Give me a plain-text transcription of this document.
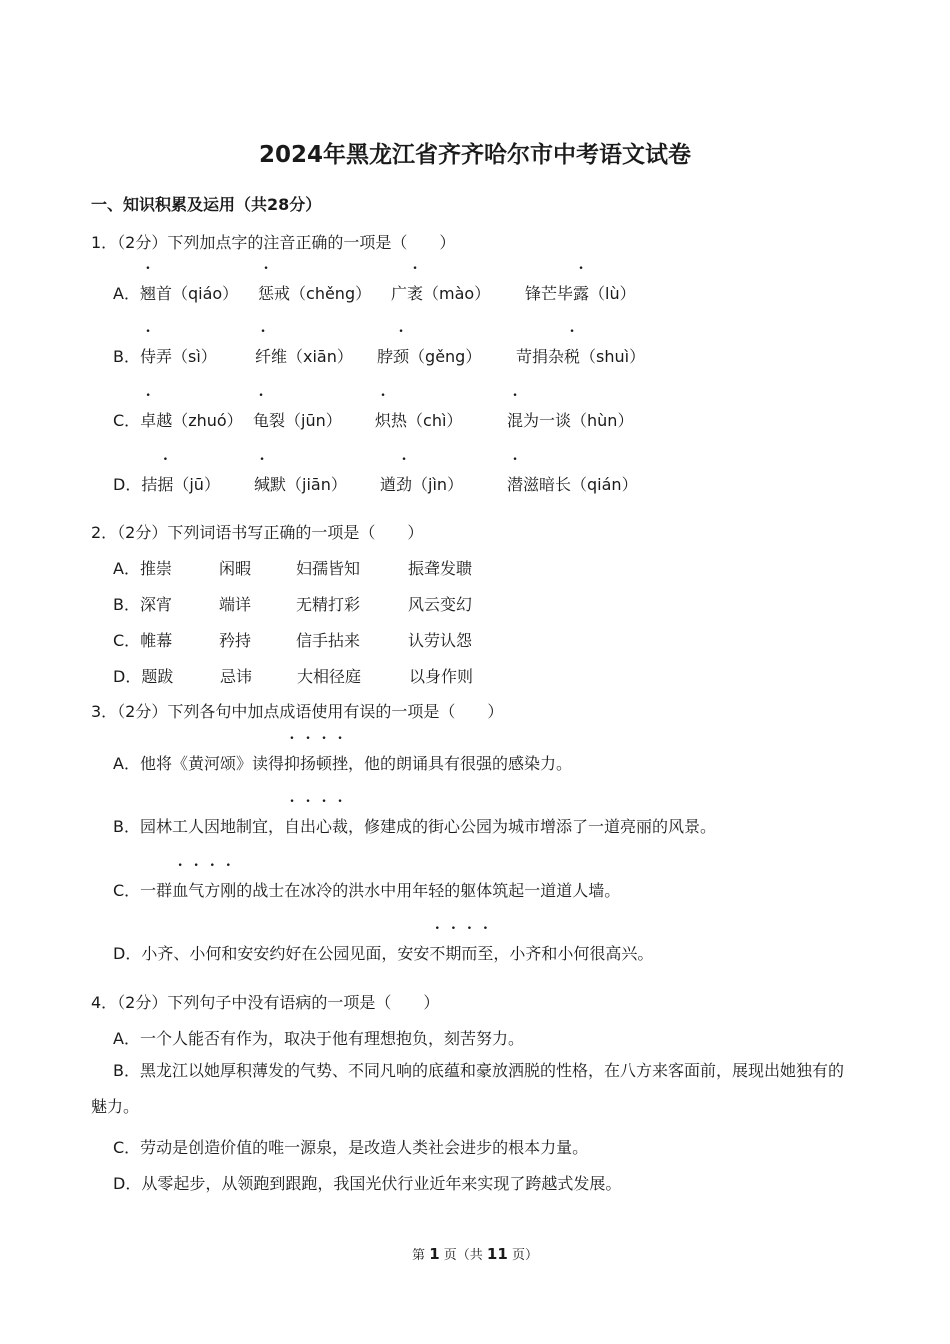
2024年黑龙江省齐齐哈尔市中考语文试卷
一、知识积累及运用（共28分）
1．（2分）下列加点字的注音正确的一项是（　　）
A．翘首（qiáo） 惩戒（chěng） 广袤（mào） 锋芒毕露（lù）
B．侍弄（sì） 纤维（xiān） 脖颈（gěng） 苛捐杂税（shuì）
C．卓越（zhuó） 龟裂（jūn） 炽热（chì）	混为一谈（hùn）
D．拮据（jū） 缄默（jiān） 遒劲（jìn）	潜滋暗长（qián）
2．（2分）下列词语书写正确的一项是（　　）
A．推崇	闲暇	妇孺皆知	振聋发聩
B．深宵	端详	无精打彩	风云变幻
C．帷幕	矜持	信手拈来	认劳认怨
D．题跋	忌讳	大相径庭	以身作则
3．（2分）下列各句中加点成语使用有误的一项是（　　）
A．他将《黄河颂》读得抑扬顿挫，他的朗诵具有很强的感染力。
B．园林工人因地制宜，自出心裁，修建成的街心公园为城市增添了一道亮丽的风景。
C．一群血气方刚的战士在冰冷的洪水中用年轻的躯体筑起一道道人墙。
D．小齐、小何和安安约好在公园见面，安安不期而至，小齐和小何很高兴。
4．（2分）下列句子中没有语病的一项是（　　）
A．一个人能否有作为，取决于他有理想抱负，刻苦努力。
B．黑龙江以她厚积薄发的气势、不同凡响的底蕴和豪放洒脱的性格，在八方来客面前，展现出她独有的魅力。
C．劳动是创造价值的唯一源泉，是改造人类社会进步的根本力量。
D．从零起步，从领跑到跟跑，我国光伏行业近年来实现了跨越式发展。
第 1 页（共 11 页）
